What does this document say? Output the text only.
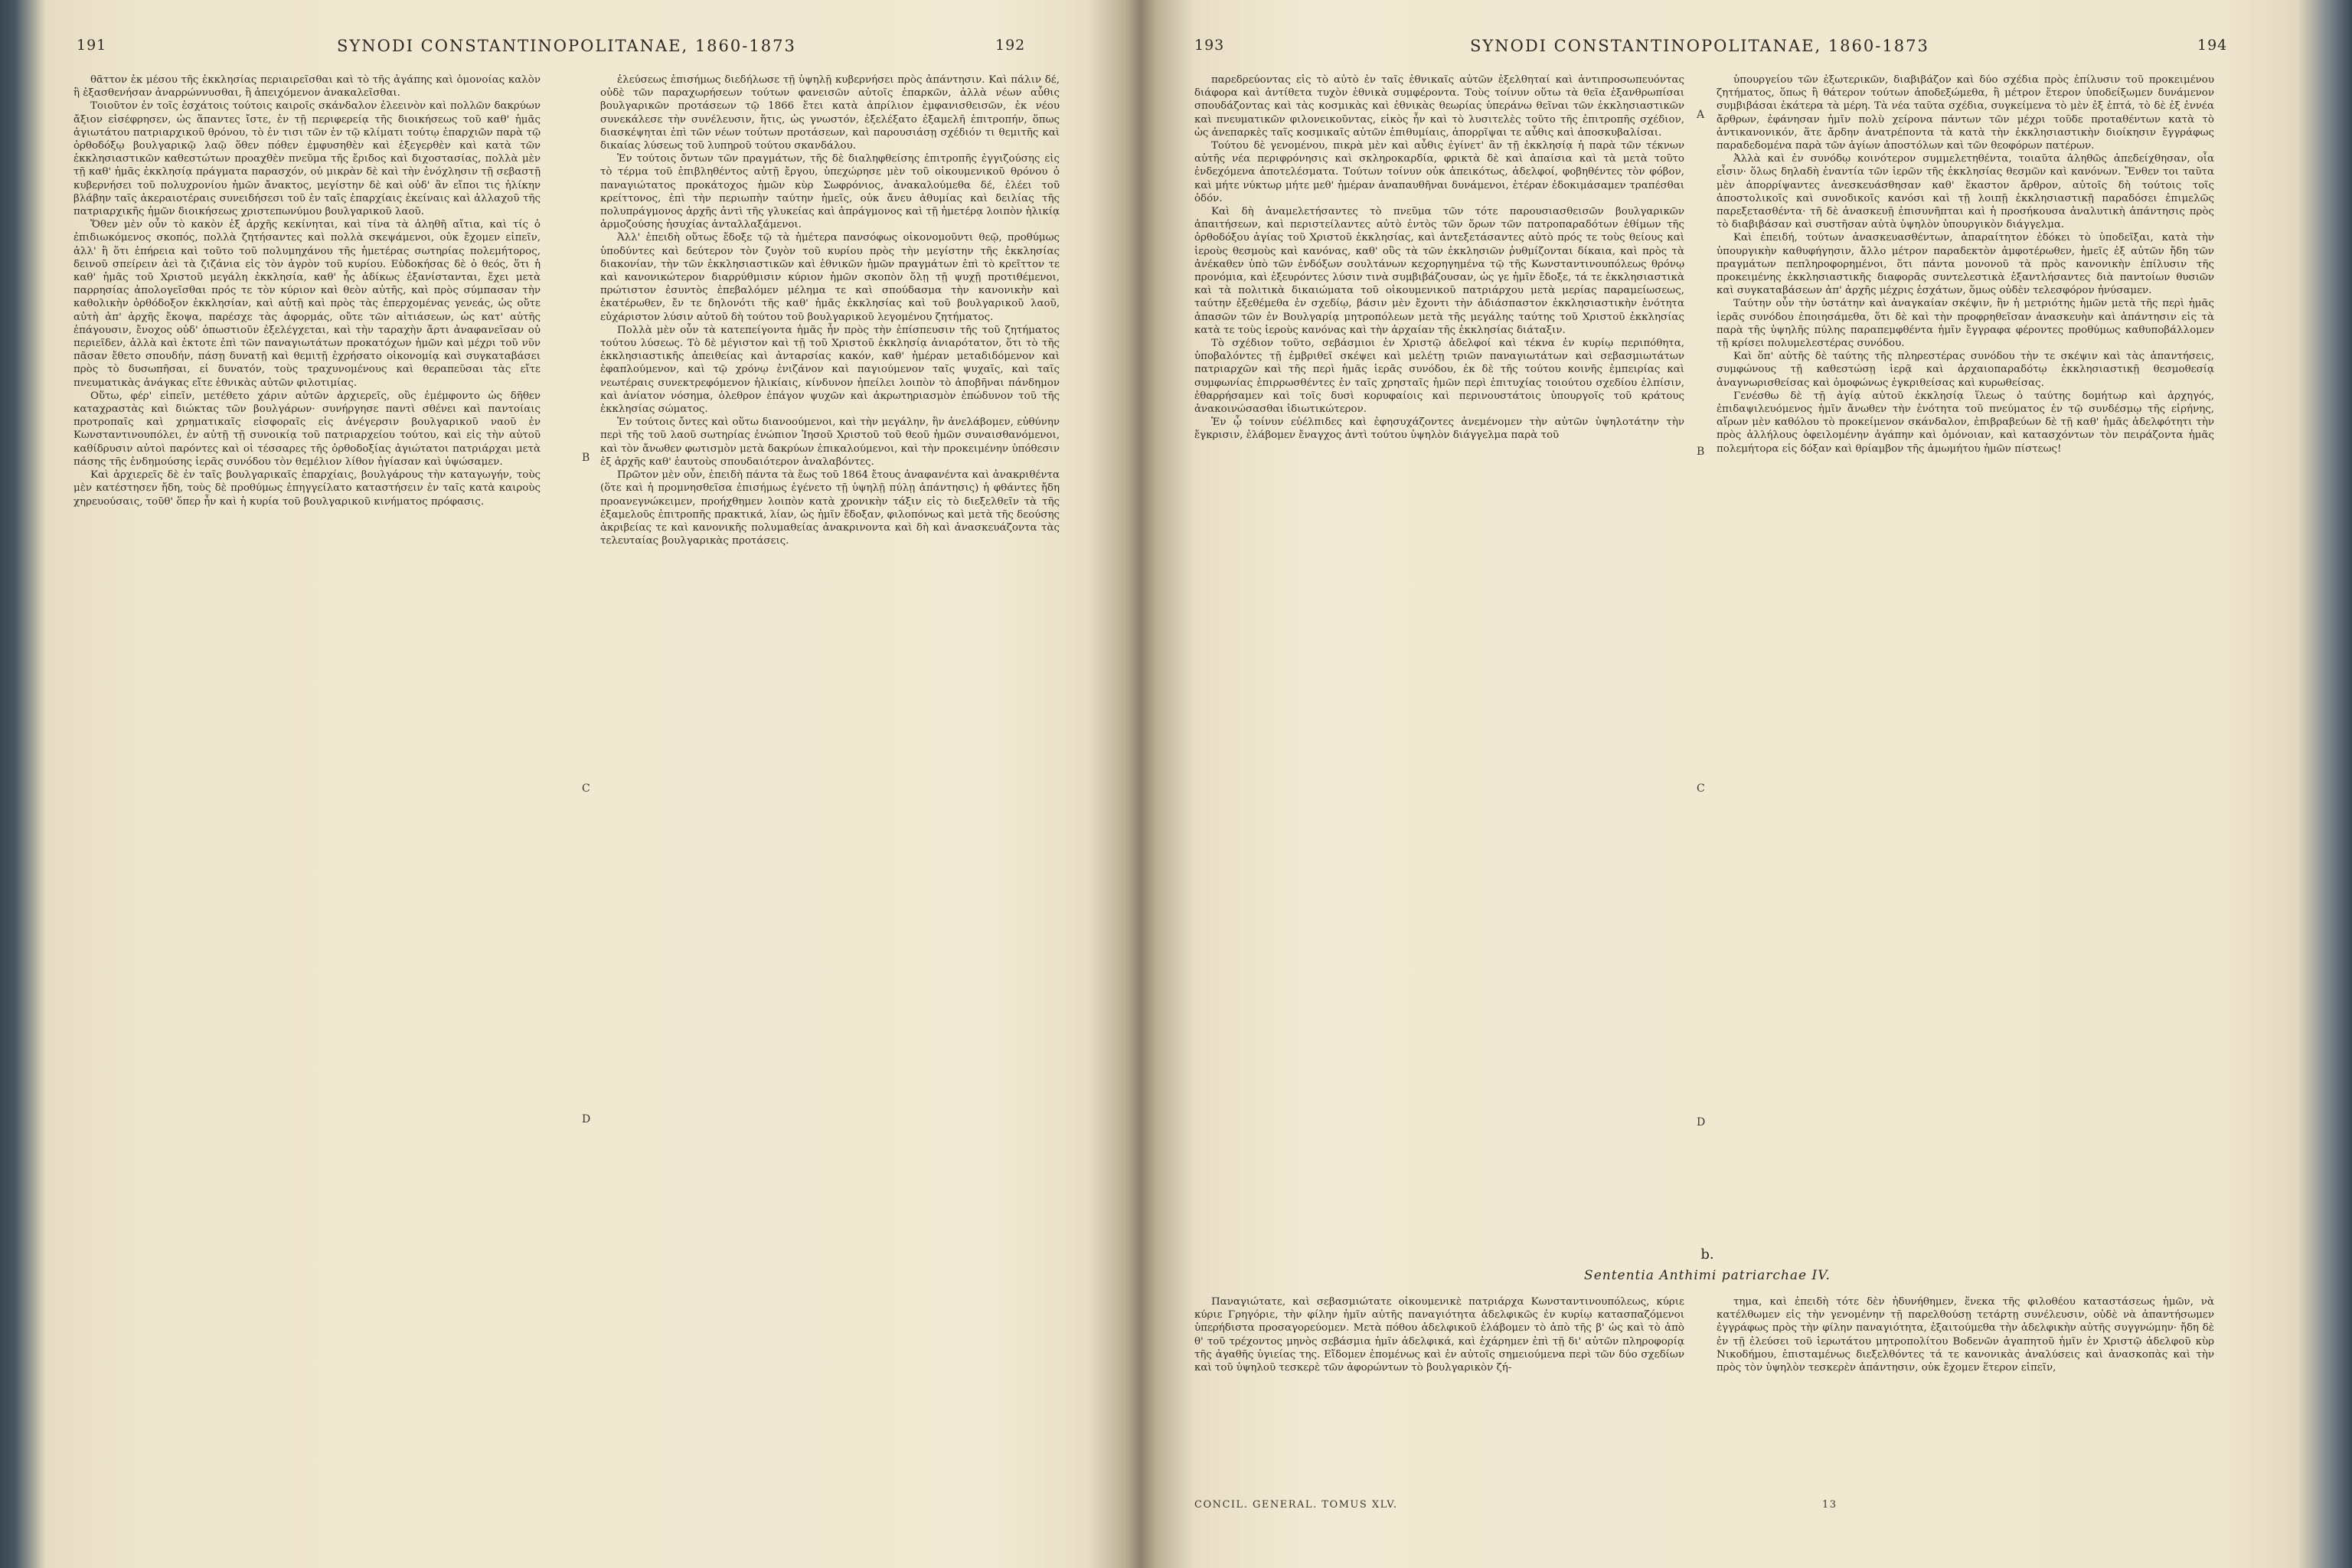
191	SYNODI CONSTANTINOPOLITANAE, 1860-1873	192

θᾶττον ἐκ μέσου τῆς ἐκκλησίας περιαιρεῖσθαι καὶ τὸ τῆς ἀγάπης καὶ ὁμονοίας καλὸν ἢ ἐξασθενήσαν ἀναρρώννυσθαι, ἢ ἀπειχόμενον ἀνακαλεῖσθαι.

Τοιοῦτον ἐν τοῖς ἐσχάτοις τούτοις καιροῖς σκάνδαλον ἐλεεινὸν καὶ πολλῶν δακρύων ἄξιον εἰσέφρησεν, ὡς ἅπαντες ἴστε, ἐν τῇ περιφερείᾳ τῆς διοικήσεως τοῦ καθ' ἡμᾶς ἁγιωτάτου πατριαρχικοῦ θρόνου, τὸ ἐν τισι τῶν ἐν τῷ κλίματι τούτῳ ἐπαρχιῶν παρὰ τῷ ὀρθοδόξῳ βουλγαρικῷ λαῷ ὅθεν πόθεν ἐμφυσηθὲν καὶ ἐξεγερθὲν καὶ κατὰ τῶν ἐκκλησιαστικῶν καθεστώτων προαχθὲν πνεῦμα τῆς ἔριδος καὶ διχοστασίας, πολλὰ μὲν τῇ καθ' ἡμᾶς ἐκκλησίᾳ πράγματα παρασχόν, οὐ μικρὰν δὲ καὶ τὴν ἐνόχλησιν τῇ σεβαστῇ κυβερνήσει τοῦ πολυχρονίου ἡμῶν ἄνακτος, μεγίστην δὲ καὶ οὐδ' ἂν εἴποι τις ἡλίκην βλάβην ταῖς ἀκεραιοτέραις συνειδήσεσι τοῦ ἐν ταῖς ἐπαρχίαις ἐκείναις καὶ ἀλλαχοῦ τῆς πατριαρχικῆς ἡμῶν διοικήσεως χριστεπωνύμου βουλγαρικοῦ λαοῦ.

Ὅθεν μὲν οὖν τὸ κακὸν ἐξ ἀρχῆς κεκίνηται, καὶ τίνα τὰ ἀληθῆ αἴτια, καὶ τίς ὁ ἐπιδιωκόμενος σκοπός, πολλὰ ζητήσαντες καὶ πολλὰ σκεψάμενοι, οὐκ ἔχομεν εἰπεῖν, ἀλλ' ἢ ὅτι ἐπήρεια καὶ τοῦτο τοῦ πολυμηχάνου τῆς ἡμετέρας σωτηρίας πολεμήτορος, δεινοῦ σπείρειν ἀεὶ τὰ ζιζάνια εἰς τὸν ἀγρὸν τοῦ κυρίου. Εὐδοκήσας δὲ ὁ θεός, ὅτι ἡ καθ' ἡμᾶς τοῦ Χριστοῦ μεγάλη ἐκκλησία, καθ' ἧς ἀδίκως ἐξανίστανται, ἔχει μετὰ παρρησίας ἀπολογεῖσθαι πρός τε τὸν κύριον καὶ θεὸν αὐτῆς, καὶ πρὸς σύμπασαν τὴν καθολικὴν ὀρθόδοξον ἐκκλησίαν, καὶ αὐτῇ καὶ πρὸς τὰς ἐπερχομένας γενεάς, ὡς οὔτε αὐτὴ ἀπ' ἀρχῆς ἔκοψα, παρέσχε τὰς ἀφορμάς, οὔτε τῶν αἰτιάσεων, ὡς κατ' αὐτῆς ἐπάγουσιν, ἔνοχος οὐδ' ὁπωστιοῦν ἐξελέγχεται, καὶ τὴν ταραχὴν ἄρτι ἀναφανεῖσαν οὐ περιεῖδεν, ἀλλὰ καὶ ἐκτοτε ἐπὶ τῶν παναγιωτάτων προκατόχων ἡμῶν καὶ μέχρι τοῦ νῦν πᾶσαν ἔθετο σπουδήν, πάσῃ δυνατῇ καὶ θεμιτῇ ἐχρήσατο οἰκονομίᾳ καὶ συγκαταβάσει πρὸς τὸ δυσωπῆσαι, εἰ δυνατόν, τοὺς τραχυνομένους καὶ θεραπεῦσαι τὰς εἴτε πνευματικὰς ἀνάγκας εἴτε ἐθνικὰς αὐτῶν φιλοτιμίας.

Οὕτω, φέρ' εἰπεῖν, μετέθετο χάριν αὐτῶν ἀρχιερεῖς, οὓς ἐμέμφοντο ὡς δῆθεν καταχραστὰς καὶ διώκτας τῶν βουλγάρων· συνήργησε παντὶ σθένει καὶ παντοίαις προτροπαῖς καὶ χρηματικαῖς εἰσφοραῖς εἰς ἀνέγερσιν βουλγαρικοῦ ναοῦ ἐν Κωνσταντινουπόλει, ἐν αὐτῇ τῇ συνοικίᾳ τοῦ πατριαρχείου τούτου, καὶ εἰς τὴν αὐτοῦ καθίδρυσιν αὐτοὶ παρόντες καὶ οἱ τέσσαρες τῆς ὀρθοδοξίας ἁγιώτατοι πατριάρχαι μετὰ πάσης τῆς ἐνδημούσης ἱερᾶς συνόδου τὸν θεμέλιον λίθον ἡγίασαν καὶ ὑψώσαμεν.

Καὶ ἀρχιερεῖς δὲ ἐν ταῖς βουλγαρικαῖς ἐπαρχίαις, βουλγάρους τὴν καταγωγήν, τοὺς μὲν κατέστησεν ἤδη, τοὺς δὲ προθύμως ἐπηγγείλατο καταστήσειν ἐν ταῖς κατὰ καιροὺς χηρευούσαις, τοῦθ' ὅπερ ἦν καὶ ἡ κυρία τοῦ βουλγαρικοῦ κινήματος πρόφασις.

ἐλεύσεως ἐπισήμως διεδήλωσε τῇ ὑψηλῇ κυβερνήσει πρὸς ἀπάντησιν. Καὶ πάλιν δέ, οὐδὲ τῶν παραχωρήσεων τούτων φανεισῶν αὐτοῖς ἐπαρκῶν, ἀλλὰ νέων αὖθις βουλγαρικῶν προτάσεων τῷ 1866 ἔτει κατὰ ἀπρίλιον ἐμφανισθεισῶν, ἐκ νέου συνεκάλεσε τὴν συνέλευσιν, ἥτις, ὡς γνωστόν, ἐξελέξατο ἐξαμελῆ ἐπιτροπήν, ὅπως διασκέψηται ἐπὶ τῶν νέων τούτων προτάσεων, καὶ παρουσιάσῃ σχέδιόν τι θεμιτῆς καὶ δικαίας λύσεως τοῦ λυπηροῦ τούτου σκανδάλου.

Ἐν τούτοις ὄντων τῶν πραγμάτων, τῆς δὲ διαληφθείσης ἐπιτροπῆς ἐγγιζούσης εἰς τὸ τέρμα τοῦ ἐπιβληθέντος αὐτῇ ἔργου, ὑπεχώρησε μὲν τοῦ οἰκουμενικοῦ θρόνου ὁ παναγιώτατος προκάτοχος ἡμῶν κὺρ Σωφρόνιος, ἀνακαλούμεθα δέ, ἐλέει τοῦ κρείττονος, ἐπὶ τὴν περιωπὴν ταύτην ἡμεῖς, οὐκ ἄνευ ἀθυμίας καὶ δειλίας τῆς πολυπράγμονος ἀρχῆς ἀντὶ τῆς γλυκείας καὶ ἀπράγμονος καὶ τῇ ἡμετέρᾳ λοιπὸν ἡλικίᾳ ἁρμοζούσης ἡσυχίας ἀνταλλαξάμενοι.

Ἀλλ' ἐπειδὴ οὕτως ἔδοξε τῷ τὰ ἡμέτερα πανσόφως οἰκονομοῦντι θεῷ, προθύμως ὑποδύντες καὶ δεύτερον τὸν ζυγὸν τοῦ κυρίου πρὸς τὴν μεγίστην τῆς ἐκκλησίας διακονίαν, τὴν τῶν ἐκκλησιαστικῶν καὶ ἐθνικῶν ἡμῶν πραγμάτων ἐπὶ τὸ κρεῖττον τε καὶ κανονικώτερον διαρρύθμισιν κύριον ἡμῶν σκοπὸν ὅλῃ τῇ ψυχῇ προτιθέμενοι, πρώτιστον ἐσυντὸς ἐπεβαλόμεν μέλημα τε καὶ σπούδασμα τὴν κανονικὴν καὶ ἑκατέρωθεν, ἔν τε δηλονότι τῆς καθ' ἡμᾶς ἐκκλησίας καὶ τοῦ βουλγαρικοῦ λαοῦ, εὐχάριστον λύσιν αὐτοῦ δὴ τούτου τοῦ βουλγαρικοῦ λεγομένου ζητήματος.

Πολλὰ μὲν οὖν τὰ κατεπείγοντα ἡμᾶς ἦν πρὸς τὴν ἐπίσπευσιν τῆς τοῦ ζητήματος τούτου λύσεως. Τὸ δὲ μέγιστον καὶ τῇ τοῦ Χριστοῦ ἐκκλησίᾳ ἀνιαρότατον, ὅτι τὸ τῆς ἐκκλησιαστικῆς ἀπειθείας καὶ ἀνταρσίας κακόν, καθ' ἡμέραν μεταδιδόμενον καὶ ἐφαπλούμενον, καὶ τῷ χρόνῳ ἐνιζάνον καὶ παγιούμενον ταῖς ψυχαῖς, καὶ ταῖς νεωτέραις συνεκτρεφόμενον ἡλικίαις, κίνδυνον ἠπείλει λοιπὸν τὸ ἀποβῆναι πάνδημον καὶ ἀνίατον νόσημα, ὀλεθρον ἐπάγον ψυχῶν καὶ ἀκρωτηριασμὸν ἐπώδυνον τοῦ τῆς ἐκκλησίας σώματος.

Ἐν τούτοις ὄντες καὶ οὕτω διανοούμενοι, καὶ τὴν μεγάλην, ἣν ἀνελάβομεν, εὐθύνην περὶ τῆς τοῦ λαοῦ σωτηρίας ἐνώπιον Ἰησοῦ Χριστοῦ τοῦ θεοῦ ἡμῶν συναισθανόμενοι, καὶ τὸν ἄνωθεν φωτισμὸν μετὰ δακρύων ἐπικαλούμενοι, καὶ τὴν προκειμένην ὑπόθεσιν ἐξ ἀρχῆς καθ' ἑαυτοὺς σπουδαιότερον ἀναλαβόντες.

Πρῶτον μὲν οὖν, ἐπειδὴ πάντα τὰ ἕως τοῦ 1864 ἔτους ἀναφανέντα καὶ ἀνακριθέντα (ὅτε καὶ ἡ προμνησθεῖσα ἐπισήμως ἐγένετο τῇ ὑψηλῇ πύλῃ ἀπάντησις) ἡ φθάντες ἤδη προανεγνώκειμεν, προήχθημεν λοιπὸν κατὰ χρονικὴν τάξιν εἰς τὸ διεξελθεῖν τὰ τῆς ἐξαμελοῦς ἐπιτροπῆς πρακτικά, λίαν, ὡς ἡμῖν ἔδοξαν, φιλοπόνως καὶ μετὰ τῆς δεούσης ἀκριβείας τε καὶ κανονικῆς πολυμαθείας ἀνακρινοντα καὶ δὴ καὶ ἀνασκευάζοντα τὰς τελευταίας βουλγαρικὰς προτάσεις.

B
C
D
193	SYNODI CONSTANTINOPOLITANAE, 1860-1873	194

παρεδρεύοντας εἰς τὸ αὐτὸ ἐν ταῖς ἐθνικαῖς αὐτῶν ἐξελθηταί καὶ ἀντιπροσωπευόντας διάφορα καὶ ἀντίθετα τυχὸν ἐθνικὰ συμφέροντα. Τοὺς τοίνυν οὕτω τὰ θεῖα ἐξανθρωπίσαι σπουδάζοντας καὶ τὰς κοσμικὰς καὶ ἐθνικὰς θεωρίας ὑπεράνω θεῖναι τῶν ἐκκλησιαστικῶν καὶ πνευματικῶν φιλονεικοῦντας, εἰκὸς ἦν καὶ τὸ λυσιτελὲς τοῦτο τῆς ἐπιτροπῆς σχέδιον, ὡς ἀνεπαρκὲς ταῖς κοσμικαῖς αὐτῶν ἐπιθυμίαις, ἀπορρῖψαι τε αὖθις καὶ ἀποσκυβαλίσαι.

Τούτου δὲ γενομένου, πικρὰ μὲν καὶ αὖθις ἐγίνετ' ἂν τῇ ἐκκλησίᾳ ἡ παρὰ τῶν τέκνων αὐτῆς νέα περιφρόνησις καὶ σκληροκαρδία, φρικτὰ δὲ καὶ ἀπαίσια καὶ τὰ μετὰ τοῦτο ἐνδεχόμενα ἀποτελέσματα. Τούτων τοίνυν οὐκ ἀπεικότως, ἀδελφοί, φοβηθέντες τὸν φόβον, καὶ μήτε νύκτωρ μήτε μεθ' ἡμέραν ἀναπαυθῆναι δυνάμενοι, ἑτέραν ἐδοκιμάσαμεν τραπέσθαι ὁδόν.

Καὶ δὴ ἀναμελετήσαντες τὸ πνεῦμα τῶν τότε παρουσιασθεισῶν βουλγαρικῶν ἀπαιτήσεων, καὶ περιστείλαντες αὐτὸ ἐντὸς τῶν ὅρων τῶν πατροπαραδότων ἐθίμων τῆς ὀρθοδόξου ἁγίας τοῦ Χριστοῦ ἐκκλησίας, καὶ ἀντεξετάσαντες αὐτὸ πρός τε τοὺς θείους καὶ ἱεροὺς θεσμοὺς καὶ κανόνας, καθ' οὓς τὰ τῶν ἐκκλησιῶν ῥυθμίζονται δίκαια, καὶ πρὸς τὰ ἀνέκαθεν ὑπὸ τῶν ἐνδόξων σουλτάνων κεχορηγημένα τῷ τῆς Κωνσταντινουπόλεως θρόνῳ προνόμια, καὶ ἐξευρόντες λύσιν τινὰ συμβιβάζουσαν, ὡς γε ἡμῖν ἔδοξε, τά τε ἐκκλησιαστικὰ καὶ τὰ πολιτικὰ δικαιώματα τοῦ οἰκουμενικοῦ πατριάρχου μετὰ μερίας παραμείωσεως, ταύτην ἐξεθέμεθα ἐν σχεδίῳ, βάσιν μὲν ἔχοντι τὴν ἀδιάσπαστον ἐκκλησιαστικὴν ἑνότητα ἁπασῶν τῶν ἐν Βουλγαρίᾳ μητροπόλεων μετὰ τῆς μεγάλης ταύτης τοῦ Χριστοῦ ἐκκλησίας κατὰ τε τοὺς ἱεροὺς κανόνας καὶ τὴν ἀρχαίαν τῆς ἐκκλησίας διάταξιν.

Τὸ σχέδιον τοῦτο, σεβάσμιοι ἐν Χριστῷ ἀδελφοί καὶ τέκνα ἐν κυρίῳ περιπόθητα, ὑποβαλόντες τῇ ἐμβριθεῖ σκέψει καὶ μελέτῃ τριῶν παναγιωτάτων καὶ σεβασμιωτάτων πατριαρχῶν καὶ τῆς περὶ ἡμᾶς ἱερᾶς συνόδου, ἐκ δὲ τῆς τούτου κοινῆς ἐμπειρίας καὶ συμφωνίας ἐπιρρωσθέντες ἐν ταῖς χρησταῖς ἡμῶν περὶ ἐπιτυχίας τοιούτου σχεδίου ἐλπίσιν, ἐθαρρήσαμεν καὶ τοῖς δυσὶ κορυφαίοις καὶ περινουστάτοις ὑπουργοῖς τοῦ κράτους ἀνακοινώσασθαι ἰδιωτικώτερον.

Ἐν ᾧ τοίνυν εὐέλπιδες καὶ ἐφησυχάζοντες ἀνεμένομεν τὴν αὐτῶν ὑψηλοτάτην τὴν ἔγκρισιν, ἐλάβομεν ἔναγχος ἀντὶ τούτου ὑψηλὸν διάγγελμα παρὰ τοῦ

ὑπουργείου τῶν ἐξωτερικῶν, διαβιβάζον καὶ δύο σχέδια πρὸς ἐπίλυσιν τοῦ προκειμένου ζητήματος, ὅπως ἢ θάτερον τούτων ἀποδεξώμεθα, ἢ μέτρον ἕτερον ὑποδείξωμεν δυνάμενον συμβιβάσαι ἑκάτερα τὰ μέρη. Τὰ νέα ταῦτα σχέδια, συγκείμενα τὸ μὲν ἐξ ἑπτά, τὸ δὲ ἐξ ἐννέα ἄρθρων, ἐφάνησαν ἡμῖν πολὺ χείρονα πάντων τῶν μέχρι τοῦδε προταθέντων κατὰ τὸ ἀντικανονικόν, ἅτε ἄρδην ἀνατρέποντα τὰ κατὰ τὴν ἐκκλησιαστικὴν διοίκησιν ἔγγράφως παραδεδομένα παρὰ τῶν ἁγίων ἀποστόλων καὶ τῶν θεοφόρων πατέρων.

Ἀλλὰ καὶ ἐν συνόδῳ κοινότερον συμμελετηθέντα, τοιαῦτα ἀληθῶς ἀπεδείχθησαν, οἷα εἶσιν· ὅλως δηλαδὴ ἐναντία τῶν ἱερῶν τῆς ἐκκλησίας θεσμῶν καὶ κανόνων. Ἔνθεν τοι ταῦτα μὲν ἀπορρίψαντες ἀνεσκευάσθησαν καθ' ἕκαστον ἄρθρον, αὐτοῖς δὴ τούτοις τοῖς ἀποστολικοῖς καὶ συνοδικοῖς κανόσι καὶ τῇ λοιπῇ ἐκκλησιαστικῇ παραδόσει ἐπιμελῶς παρεξετασθέντα· τῆ δὲ ἀνασκευῇ ἐπισυνῆπται καὶ ἡ προσήκουσα ἀναλυτικὴ ἀπάντησις πρὸς τὸ διαβιβάσαν καὶ συστῆσαν αὐτὰ ὑψηλὸν ὑπουργικὸν διάγγελμα.

Καὶ ἐπειδή, τούτων ἀνασκευασθέντων, ἀπαραίτητον ἐδόκει τὸ ὑποδεῖξαι, κατὰ τὴν ὑπουργικὴν καθυφήγησιν, ἄλλο μέτρον παραδεκτὸν ἀμφοτέρωθεν, ἡμεῖς ἐξ αὐτῶν ἤδη τῶν πραγμάτων πεπληροφορημένοι, ὅτι πάντα μονονοῦ τὰ πρὸς κανονικὴν ἐπίλυσιν τῆς προκειμένης ἐκκλησιαστικῆς διαφορᾶς συντελεστικὰ ἐξαντλήσαντες διὰ παντοίων θυσιῶν καὶ συγκαταβάσεων ἀπ' ἀρχῆς μέχρις ἐσχάτων, ὅμως οὐδὲν τελεσφόρον ἠνύσαμεν.

Ταύτην οὖν τὴν ὑστάτην καὶ ἀναγκαίαν σκέψιν, ἣν ἡ μετριότης ἡμῶν μετὰ τῆς περὶ ἡμᾶς ἱερᾶς συνόδου ἐποιησάμεθα, ὅτι δὲ καὶ τὴν προφρηθεῖσαν ἀνασκευὴν καὶ ἀπάντησιν εἰς τὰ παρὰ τῆς ὑψηλῆς πύλης παραπεμφθέντα ἡμῖν ἔγγραφα φέροντες προθύμως καθυποβάλλομεν τῇ κρίσει πολυμελεστέρας συνόδου.

Καὶ ὅπ' αὐτῆς δὲ ταύτης τῆς πληρεστέρας συνόδου τὴν τε σκέψιν καὶ τὰς ἀπαντήσεις, συμφώνους τῇ καθεστώσῃ ἱερᾷ καὶ ἀρχαιοπαραδότῳ ἐκκλησιαστικῇ θεσμοθεσίᾳ ἀναγνωρισθείσας καὶ ὁμοφώνως ἐγκριθείσας καὶ κυρωθείσας.

Γενέσθω δὲ τῇ ἁγίᾳ αὐτοῦ ἐκκλησίᾳ ἵλεως ὁ ταύτης δομήτωρ καὶ ἀρχηγός, ἐπιδαψιλευόμενος ἡμῖν ἄνωθεν τὴν ἑνότητα τοῦ πνεύματος ἐν τῷ συνδέσμῳ τῆς εἰρήνης, αἴρων μὲν καθόλου τὸ προκείμενον σκάνδαλον, ἐπιβραβεύων δὲ τῇ καθ' ἡμᾶς ἀδελφότητι τὴν πρὸς ἀλλήλους ὀφειλομένην ἀγάπην καὶ ὁμόνοιαν, καὶ κατασχόντων τὸν πειράζοντα ἡμᾶς πολεμήτορα εἰς δόξαν καὶ θρίαμβον τῆς ἀμωμήτου ἡμῶν πίστεως!

A
B
C
D
b.
Sententia Anthimi patriarchae IV.

Παναγιώτατε, καὶ σεβασμιώτατε οἰκουμενικὲ πατριάρχα Κωνσταντινουπόλεως, κύριε κύριε Γρηγόριε, τὴν φίλην ἡμῖν αὐτῆς παναγιότητα ἀδελφικῶς ἐν κυρίῳ κατασπαζόμενοι ὑπερήδιστα προσαγορεύομεν. Μετὰ πόθου ἀδελφικοῦ ἐλάβομεν τὸ ἀπὸ τῆς β' ὡς καὶ τὸ ἀπὸ θ' τοῦ τρέχοντος μηνὸς σεβάσμια ἡμῖν ἀδελφικά, καὶ ἐχάρημεν ἐπὶ τῇ δι' αὐτῶν πληροφορίᾳ τῆς ἀγαθῆς ὑγιείας της. Εἴδομεν ἐπομένως καὶ ἐν αὐτοῖς σημειούμενα περὶ τῶν δύο σχεδίων καὶ τοῦ ὑψηλοῦ τεσκερὲ τῶν ἀφορώντων τὸ βουλγαρικὸν ζή-

τημα, καὶ ἐπειδὴ τότε δὲν ἠδυνήθημεν, ἕνεκα τῆς φιλοθέου καταστάσεως ἡμῶν, νὰ κατέλθωμεν εἰς τὴν γενομένην τῇ παρελθούσῃ τετάρτῃ συνέλευσιν, οὐδὲ νὰ ἀπαντήσωμεν ἐγγράφως πρὸς τὴν φίλην παναγιότητα, ἐξαιτούμεθα τὴν ἀδελφικὴν αὐτῆς συγγνώμην· ἤδη δὲ ἐν τῇ ἐλεύσει τοῦ ἱερωτάτου μητροπολίτου Βοδενῶν ἀγαπητοῦ ἡμῖν ἐν Χριστῷ ἀδελφοῦ κὺρ Νικοδήμου, ἐπισταμένως διεξελθόντες τά τε κανονικὰς ἀναλύσεις καὶ ἀνασκοπὰς καὶ τὴν πρὸς τὸν ὑψηλὸν τεσκερὲν ἀπάντησιν, οὐκ ἔχομεν ἕτερον εἰπεῖν,

CONCIL. GENERAL. TOMUS XLV.	13
